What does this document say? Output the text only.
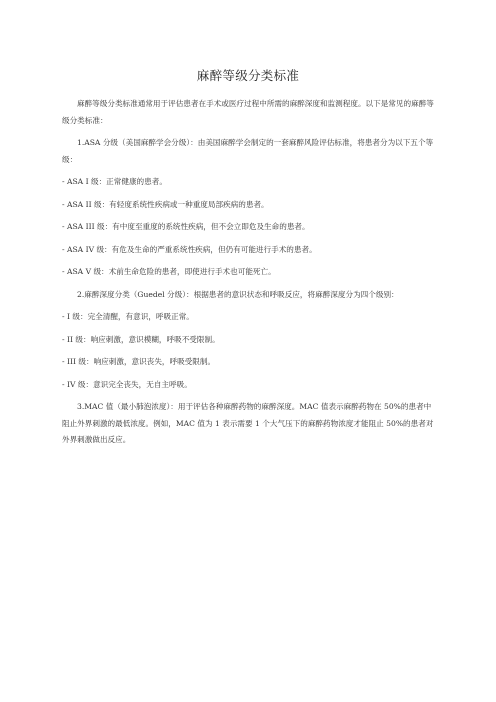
麻醉等级分类标准

麻醉等级分类标准通常用于评估患者在手术或医疗过程中所需的麻醉深度和监测程度。以下是常见的麻醉等级分类标准：

1.ASA 分级（美国麻醉学会分级）：由美国麻醉学会制定的一套麻醉风险评估标准，将患者分为以下五个等级：

- ASA I 级：正常健康的患者。

- ASA II 级：有轻度系统性疾病或一种重度局部疾病的患者。

- ASA III 级：有中度至重度的系统性疾病，但不会立即危及生命的患者。

- ASA IV 级：有危及生命的严重系统性疾病，但仍有可能进行手术的患者。

- ASA V 级：术前生命危险的患者，即使进行手术也可能死亡。

2.麻醉深度分类（Guedel 分级）：根据患者的意识状态和呼吸反应，将麻醉深度分为四个级别：

- I 级：完全清醒，有意识，呼吸正常。

- II 级：响应刺激，意识模糊，呼吸不受限制。

- III 级：响应刺激，意识丧失，呼吸受限制。

- IV 级：意识完全丧失，无自主呼吸。

3.MAC 值（最小肺泡浓度）：用于评估各种麻醉药物的麻醉深度。MAC 值表示麻醉药物在 50%的患者中阻止外界刺激的最低浓度。例如，MAC 值为 1 表示需要 1 个大气压下的麻醉药物浓度才能阻止 50%的患者对外界刺激做出反应。
